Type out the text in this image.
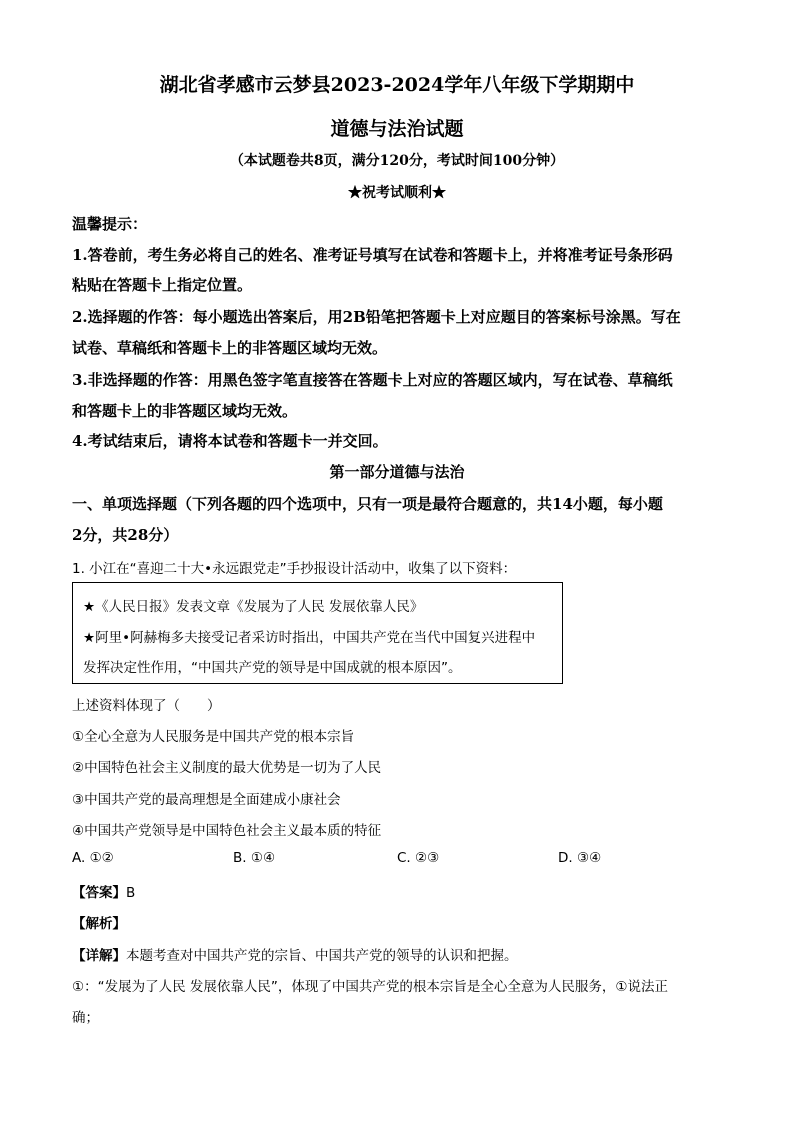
湖北省孝感市云梦县2023-2024学年八年级下学期期中
道德与法治试题
（本试题卷共8页，满分120分，考试时间100分钟）
★祝考试顺利★
温馨提示：
1.答卷前，考生务必将自己的姓名、准考证号填写在试卷和答题卡上，并将准考证号条形码
粘贴在答题卡上指定位置。
2.选择题的作答：每小题选出答案后，用2B铅笔把答题卡上对应题目的答案标号涂黑。写在
试卷、草稿纸和答题卡上的非答题区域均无效。
3.非选择题的作答：用黑色签字笔直接答在答题卡上对应的答题区域内，写在试卷、草稿纸
和答题卡上的非答题区域均无效。
4.考试结束后，请将本试卷和答题卡一并交回。
第一部分道德与法治
一、单项选择题（下列各题的四个选项中，只有一项是最符合题意的，共14小题，每小题
2分，共28分）
1. 小江在“喜迎二十大•永远跟党走”手抄报设计活动中，收集了以下资料：
★《人民日报》发表文章《发展为了人民 发展依靠人民》
★阿里•阿赫梅多夫接受记者采访时指出，中国共产党在当代中国复兴进程中
发挥决定性作用，“中国共产党的领导是中国成就的根本原因”。
上述资料体现了（　　）
①全心全意为人民服务是中国共产党的根本宗旨
②中国特色社会主义制度的最大优势是一切为了人民
③中国共产党的最高理想是全面建成小康社会
④中国共产党领导是中国特色社会主义最本质的特征
A. ①②	B. ①④	C. ②③	D. ③④
【答案】B
【解析】
【详解】本题考查对中国共产党的宗旨、中国共产党的领导的认识和把握。
①：“发展为了人民 发展依靠人民”，体现了中国共产党的根本宗旨是全心全意为人民服务，①说法正
确；
